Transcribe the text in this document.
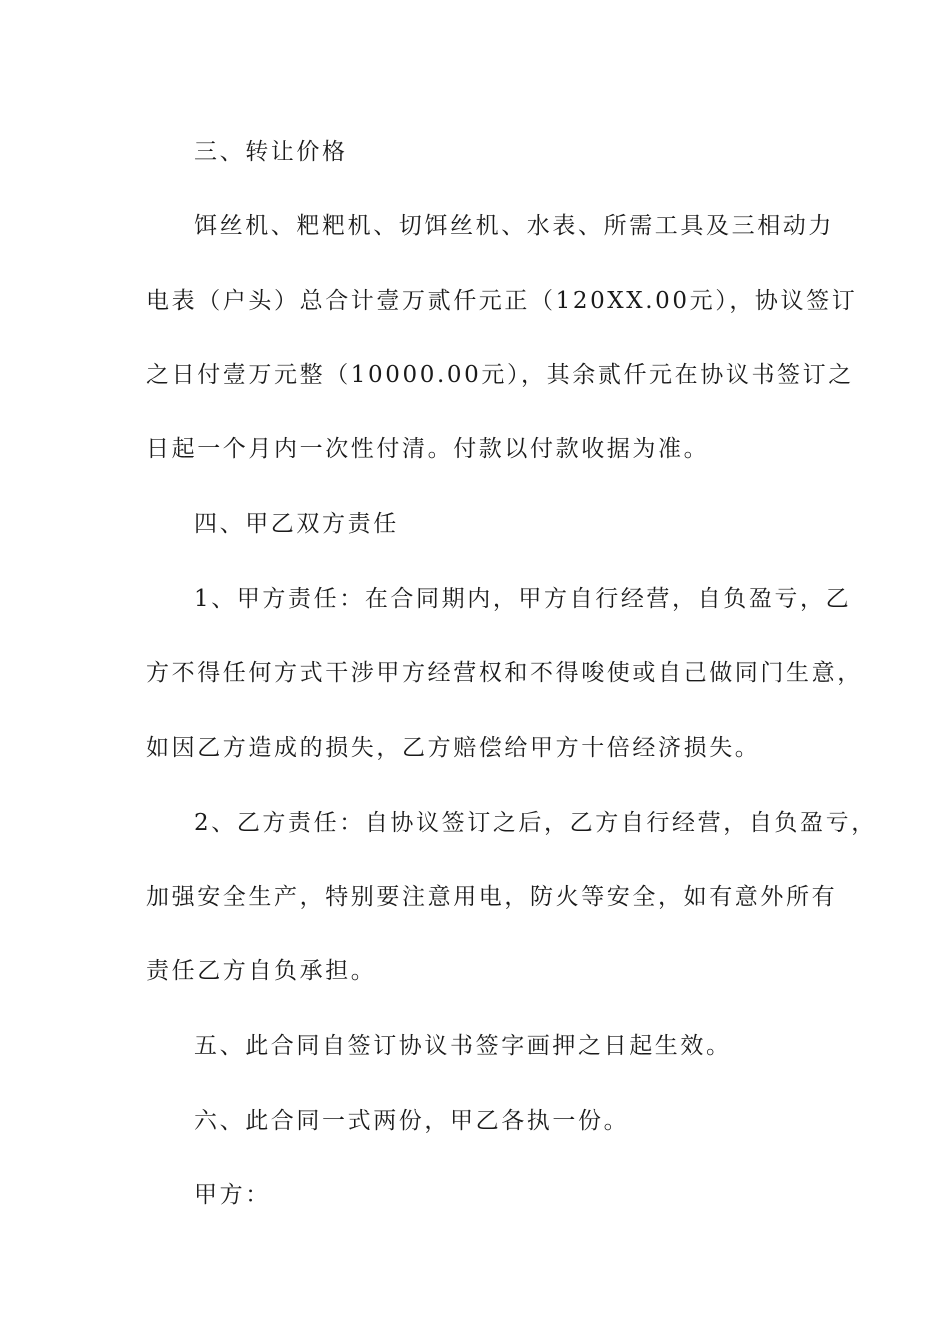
三、转让价格
饵丝机、粑粑机、切饵丝机、水表、所需工具及三相动力
电表（户头）总合计壹万贰仟元正（120XX.00元），协议签订
之日付壹万元整（10000.00元），其余贰仟元在协议书签订之
日起一个月内一次性付清。付款以付款收据为准。
四、甲乙双方责任
1、甲方责任：在合同期内，甲方自行经营，自负盈亏，乙
方不得任何方式干涉甲方经营权和不得唆使或自己做同门生意，
如因乙方造成的损失，乙方赔偿给甲方十倍经济损失。
2、乙方责任：自协议签订之后，乙方自行经营，自负盈亏，
加强安全生产，特别要注意用电，防火等安全，如有意外所有
责任乙方自负承担。
五、此合同自签订协议书签字画押之日起生效。
六、此合同一式两份，甲乙各执一份。
甲方：
